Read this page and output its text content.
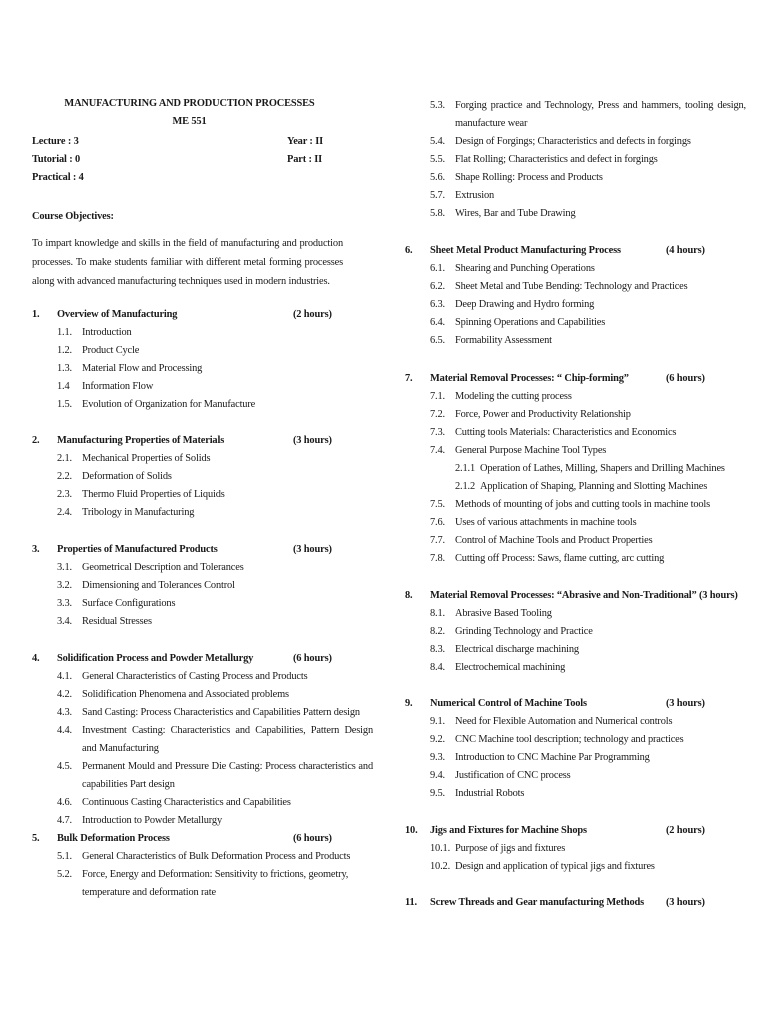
MANUFACTURING AND PRODUCTION PROCESSES
ME 551
Lecture : 3
Tutorial : 0
Practical : 4
Year : II
Part : II
Course Objectives:
To impart knowledge and skills in the field of manufacturing and production processes. To make students familiar with different metal forming processes along with advanced manufacturing techniques used in modern industries.
1. Overview of Manufacturing	(2 hours)
1.1. Introduction
1.2. Product Cycle
1.3. Material Flow and Processing
1.4 Information Flow
1.5. Evolution of Organization for Manufacture
2. Manufacturing Properties of Materials	(3 hours)
2.1. Mechanical Properties of Solids
2.2. Deformation of Solids
2.3. Thermo Fluid Properties of Liquids
2.4. Tribology in Manufacturing
3. Properties of Manufactured Products	(3 hours)
3.1. Geometrical Description and Tolerances
3.2. Dimensioning and Tolerances Control
3.3. Surface Configurations
3.4. Residual Stresses
4. Solidification Process and Powder Metallurgy	(6 hours)
4.1. General Characteristics of Casting Process and Products
4.2. Solidification Phenomena and Associated problems
4.3. Sand Casting: Process Characteristics and Capabilities Pattern design
4.4. Investment Casting: Characteristics and Capabilities, Pattern Design and Manufacturing
4.5. Permanent Mould and Pressure Die Casting: Process characteristics and capabilities Part design
4.6. Continuous Casting Characteristics and Capabilities
4.7. Introduction to Powder Metallurgy
5. Bulk Deformation Process	(6 hours)
5.1. General Characteristics of Bulk Deformation Process and Products
5.2. Force, Energy and Deformation: Sensitivity to frictions, geometry, temperature and deformation rate
5.3. Forging practice and Technology, Press and hammers, tooling design, manufacture wear
5.4. Design of Forgings; Characteristics and defects in forgings
5.5. Flat Rolling; Characteristics and defect in forgings
5.6. Shape Rolling: Process and Products
5.7. Extrusion
5.8. Wires, Bar and Tube Drawing
6. Sheet Metal Product Manufacturing Process	(4 hours)
6.1. Shearing and Punching Operations
6.2. Sheet Metal and Tube Bending: Technology and Practices
6.3. Deep Drawing and Hydro forming
6.4. Spinning Operations and Capabilities
6.5. Formability Assessment
7. Material Removal Processes: “ Chip-forming”	(6 hours)
7.1. Modeling the cutting process
7.2. Force, Power and Productivity Relationship
7.3. Cutting tools Materials: Characteristics and Economics
7.4. General Purpose Machine Tool Types
2.1.1 Operation of Lathes, Milling, Shapers and Drilling Machines
2.1.2 Application of Shaping, Planning and Slotting Machines
7.5. Methods of mounting of jobs and cutting tools in machine tools
7.6. Uses of various attachments in machine tools
7.7. Control of Machine Tools and Product Properties
7.8. Cutting off Process: Saws, flame cutting, arc cutting
8. Material Removal Processes: “Abrasive and Non-Traditional” (3 hours)
8.1. Abrasive Based Tooling
8.2. Grinding Technology and Practice
8.3. Electrical discharge machining
8.4. Electrochemical machining
9. Numerical Control of Machine Tools	(3 hours)
9.1. Need for Flexible Automation and Numerical controls
9.2. CNC Machine tool description; technology and practices
9.3. Introduction to CNC Machine Par Programming
9.4. Justification of CNC process
9.5. Industrial Robots
10. Jigs and Fixtures for Machine Shops	(2 hours)
10.1. Purpose of jigs and fixtures
10.2. Design and application of typical jigs and fixtures
11. Screw Threads and Gear manufacturing Methods (3 hours)
